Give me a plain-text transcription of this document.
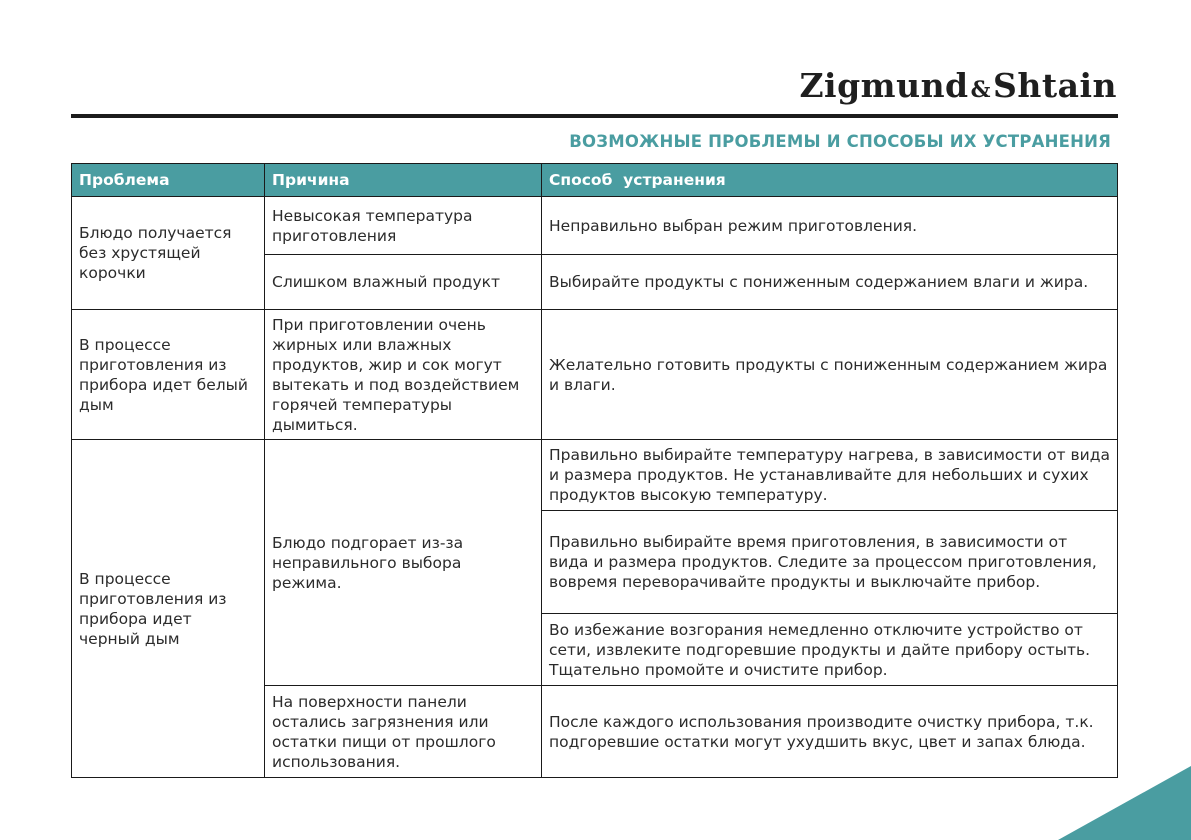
Zigmund&Shtain
ВОЗМОЖНЫЕ ПРОБЛЕМЫ И СПОСОБЫ ИХ УСТРАНЕНИЯ
Проблема	Причина	Способ  устранения
Блюдо получается без хрустящей корочки	Невысокая температура приготовления	Неправильно выбран режим приготовления.
	Слишком влажный продукт	Выбирайте продукты с пониженным содержанием влаги и жира.
В процессе приготовления из прибора идет белый дым	При приготовлении очень жирных или влажных продуктов, жир и сок могут вытекать и под воздействием горячей температуры дымиться.	Желательно готовить продукты с пониженным содержанием жира и влаги.
В процессе приготовления из прибора идет черный дым	Блюдо подгорает из-за неправильного выбора режима.	Правильно выбирайте температуру нагрева, в зависимости от вида и размера продуктов. Не устанавливайте для небольших и сухих продуктов высокую температуру.
		Правильно выбирайте время приготовления, в зависимости от вида и размера продуктов. Следите за процессом приготовления, вовремя переворачивайте продукты и выключайте прибор.
		Во избежание возгорания немедленно отключите устройство от сети, извлеките подгоревшие продукты и дайте прибору остыть. Тщательно промойте и очистите прибор.
	На поверхности панели остались загрязнения или остатки пищи от прошлого использования.	После каждого использования производите очистку прибора, т.к. подгоревшие остатки могут ухудшить вкус, цвет и запах блюда.
